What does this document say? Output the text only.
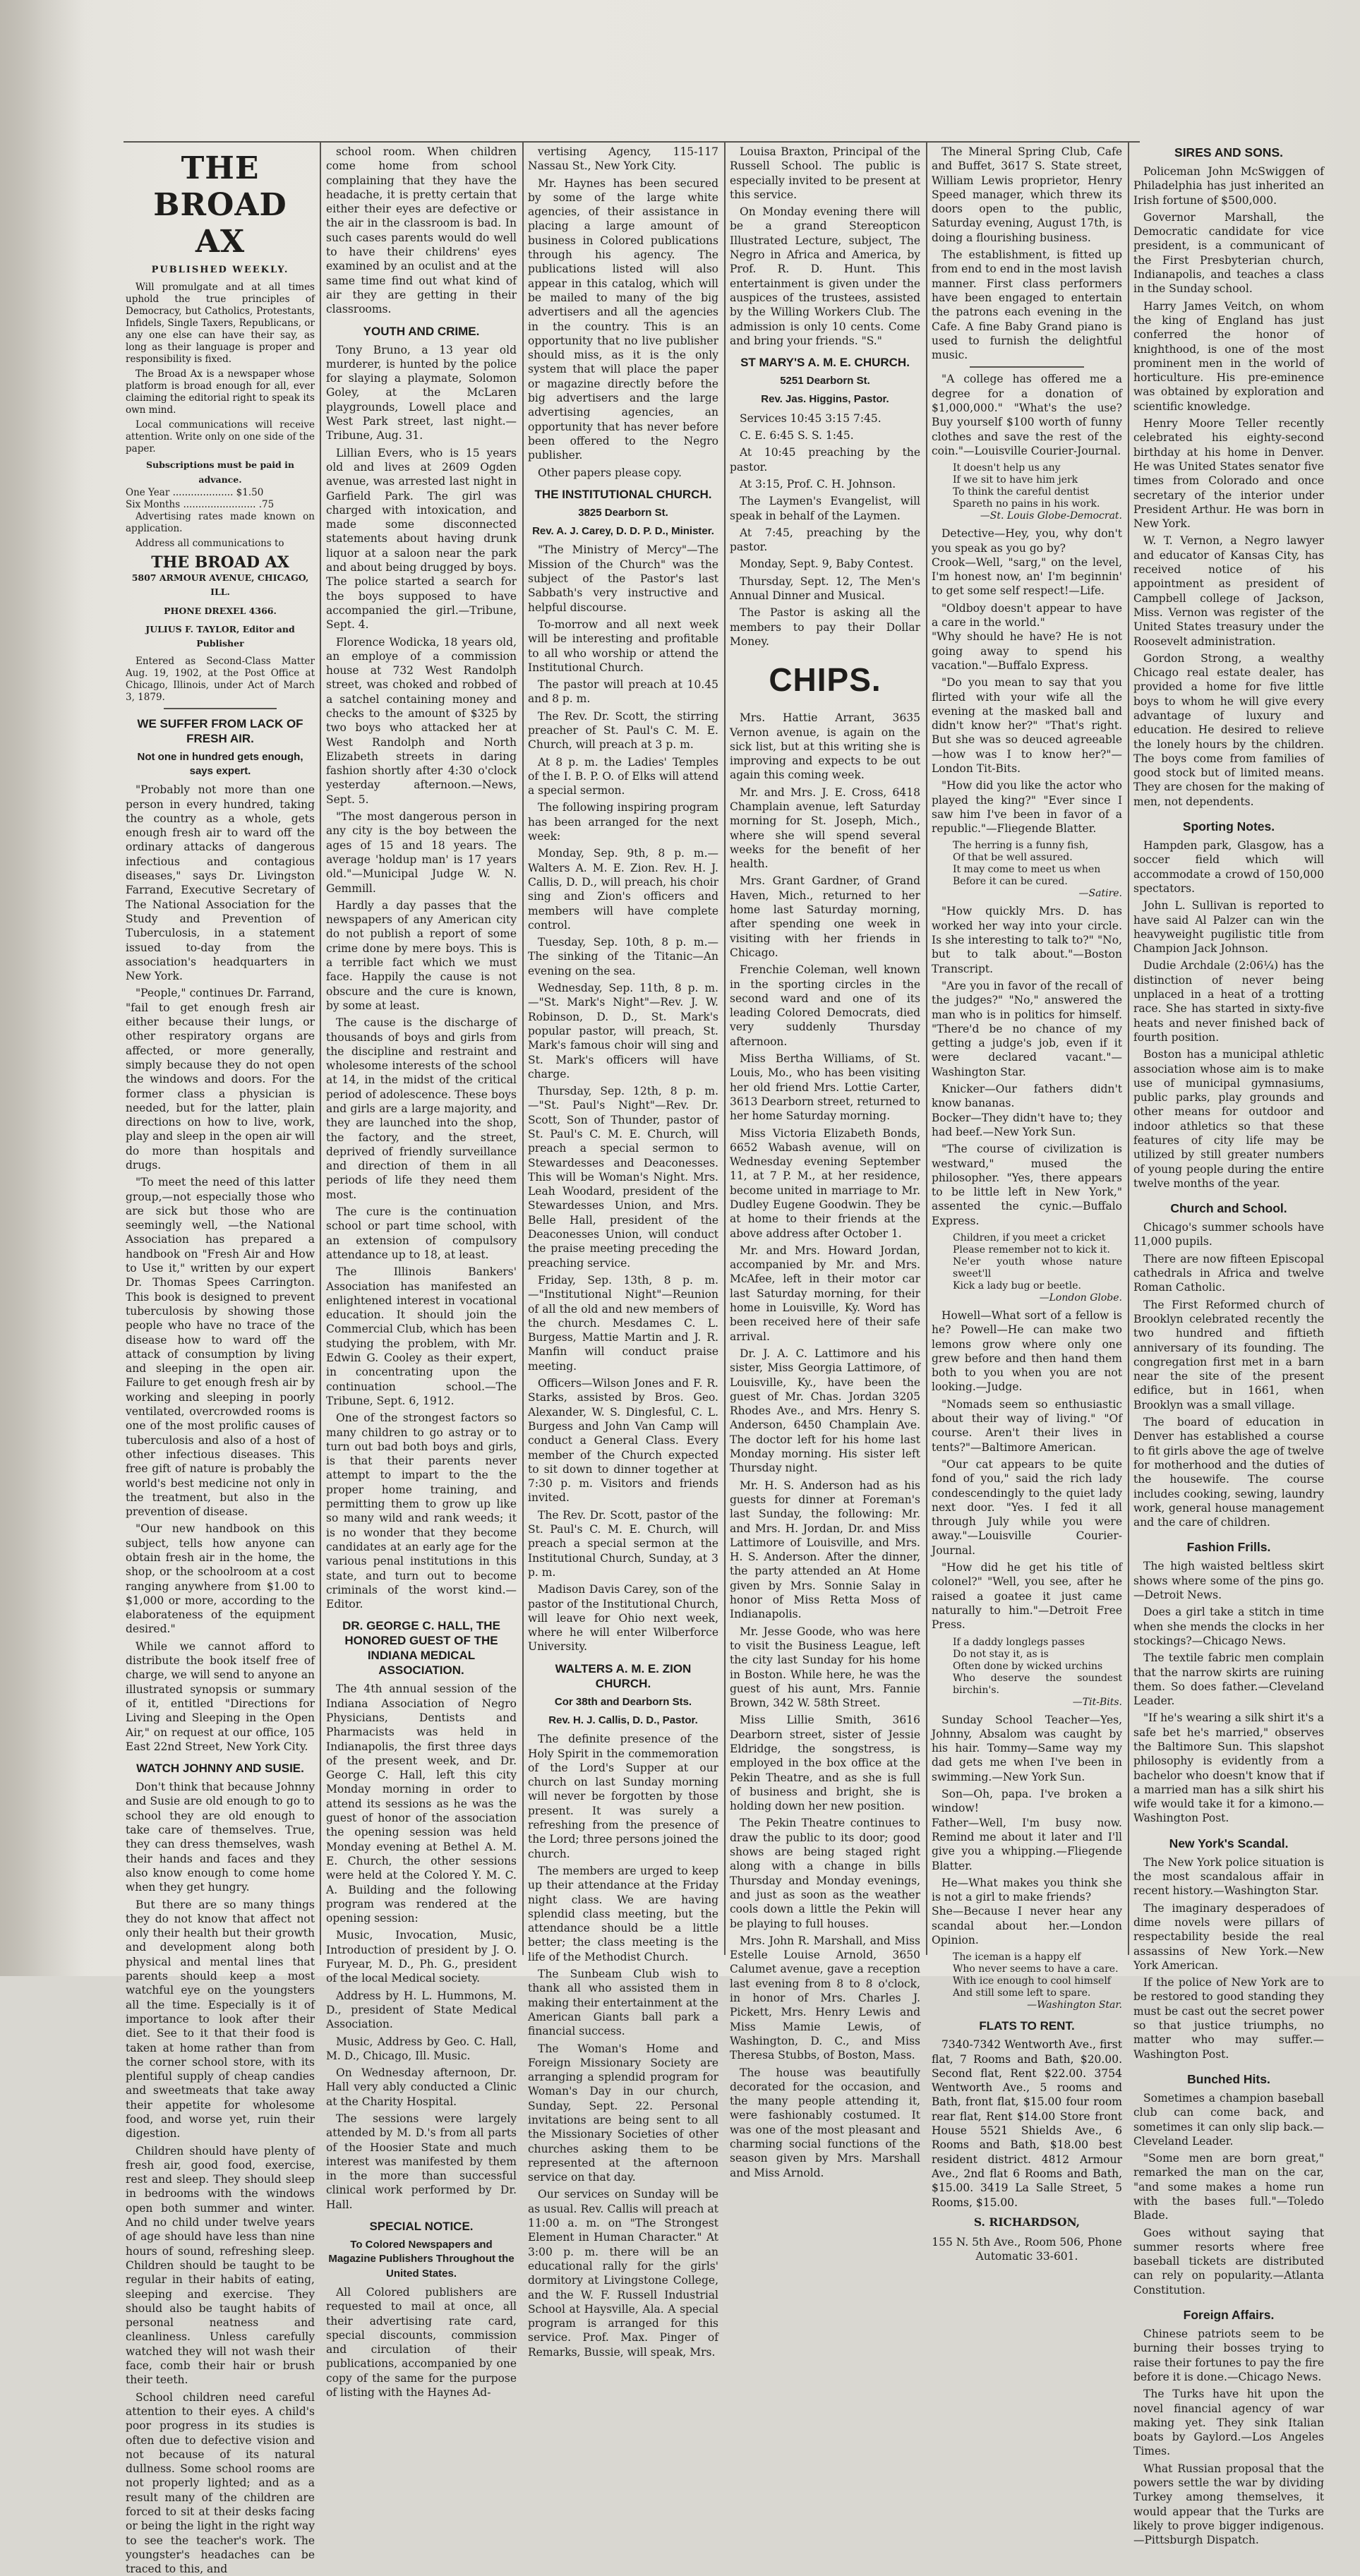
THE BROAD AX
PUBLISHED WEEKLY.

Will promulgate and at all times uphold the true principles of Democracy, but Catholics, Protestants, Infidels, Single Taxers, Republicans, or any one else can have their say, as long as their language is proper and responsibility is fixed.

The Broad Ax is a newspaper whose platform is broad enough for all, ever claiming the editorial right to speak its own mind.

Local communications will receive attention. Write only on one side of the paper.

Subscriptions must be paid in advance.
One Year .................... $1.50
Six Months ........................ .75

Advertising rates made known on application.

Address all communications to

THE BROAD AX
5807 ARMOUR AVENUE, CHICAGO, ILL.
PHONE DREXEL 4366.
JULIUS F. TAYLOR, Editor and Publisher

Entered as Second-Class Matter Aug. 19, 1902, at the Post Office at Chicago, Illinois, under Act of March 3, 1879.

WE SUFFER FROM LACK OF FRESH AIR.
Not one in hundred gets enough, says expert.

"Probably not more than one person in every hundred, taking the country as a whole, gets enough fresh air to ward off the ordinary attacks of dangerous infectious and contagious diseases," says Dr. Livingston Farrand, Executive Secretary of The National Association for the Study and Prevention of Tuberculosis, in a statement issued to-day from the association's headquarters in New York.

"People," continues Dr. Farrand, "fail to get enough fresh air either because their lungs, or other respiratory organs are affected, or more generally, simply because they do not open the windows and doors. For the former class a physician is needed, but for the latter, plain directions on how to live, work, play and sleep in the open air will do more than hospitals and drugs.

"To meet the need of this latter group,—not especially those who are sick but those who are seemingly well, —the National Association has prepared a handbook on "Fresh Air and How to Use it," written by our expert Dr. Thomas Spees Carrington. This book is designed to prevent tuberculosis by showing those people who have no trace of the disease how to ward off the attack of consumption by living and sleeping in the open air. Failure to get enough fresh air by working and sleeping in poorly ventilated, overcrowded rooms is one of the most prolific causes of tuberculosis and also of a host of other infectious diseases. This free gift of nature is probably the world's best medicine not only in the treatment, but also in the prevention of disease.

"Our new handbook on this subject, tells how anyone can obtain fresh air in the home, the shop, or the schoolroom at a cost ranging anywhere from $1.00 to $1,000 or more, according to the elaborateness of the equipment desired."

While we cannot afford to distribute the book itself free of charge, we will send to anyone an illustrated synopsis or summary of it, entitled "Directions for Living and Sleeping in the Open Air," on request at our office, 105 East 22nd Street, New York City.

WATCH JOHNNY AND SUSIE.

Don't think that because Johnny and Susie are old enough to go to school they are old enough to take care of themselves. True, they can dress themselves, wash their hands and faces and they also know enough to come home when they get hungry.

But there are so many things they do not know that affect not only their health but their growth and development along both physical and mental lines that parents should keep a most watchful eye on the youngsters all the time. Especially is it of importance to look after their diet. See to it that their food is taken at home rather than from the corner school store, with its plentiful supply of cheap candies and sweetmeats that take away their appetite for wholesome food, and worse yet, ruin their digestion.

Children should have plenty of fresh air, good food, exercise, rest and sleep. They should sleep in bedrooms with the windows open both summer and winter. And no child under twelve years of age should have less than nine hours of sound, refreshing sleep. Children should be taught to be regular in their habits of eating, sleeping and exercise. They should also be taught habits of personal neatness and cleanliness. Unless carefully watched they will not wash their face, comb their hair or brush their teeth.

School children need careful attention to their eyes. A child's poor progress in its studies is often due to defective vision and not because of its natural dullness. Some school rooms are not properly lighted; and as a result many of the children are forced to sit at their desks facing or being the light in the right way to see the teacher's work. The youngster's headaches can be traced to this, and

school room. When children come home from school complaining that they have the headache, it is pretty certain that either their eyes are defective or the air in the classroom is bad. In such cases parents would do well to have their childrens' eyes examined by an oculist and at the same time find out what kind of air they are getting in their classrooms.

YOUTH AND CRIME.

Tony Bruno, a 13 year old murderer, is hunted by the police for slaying a playmate, Solomon Goley, at the McLaren playgrounds, Lowell place and West Park street, last night.—Tribune, Aug. 31.

Lillian Evers, who is 15 years old and lives at 2609 Ogden avenue, was arrested last night in Garfield Park. The girl was charged with intoxication, and made some disconnected statements about having drunk liquor at a saloon near the park and about being drugged by boys. The police started a search for the boys supposed to have accompanied the girl.—Tribune, Sept. 4.

Florence Wodicka, 18 years old, an employe of a commission house at 732 West Randolph street, was choked and robbed of a satchel containing money and checks to the amount of $325 by two boys who attacked her at West Randolph and North Elizabeth streets in daring fashion shortly after 4:30 o'clock yesterday afternoon.—News, Sept. 5.

"The most dangerous person in any city is the boy between the ages of 15 and 18 years. The average 'holdup man' is 17 years old."—Municipal Judge W. N. Gemmill.

Hardly a day passes that the newspapers of any American city do not publish a report of some crime done by mere boys. This is a terrible fact which we must face. Happily the cause is not obscure and the cure is known, by some at least.

The cause is the discharge of thousands of boys and girls from the discipline and restraint and wholesome interests of the school at 14, in the midst of the critical period of adolescence. These boys and girls are a large majority, and they are launched into the shop, the factory, and the street, deprived of friendly surveillance and direction of them in all periods of life they need them most.

The cure is the continuation school or part time school, with an extension of compulsory attendance up to 18, at least.

The Illinois Bankers' Association has manifested an enlightened interest in vocational education. It should join the Commercial Club, which has been studying the problem, with Mr. Edwin G. Cooley as their expert, in concentrating upon the continuation school.—The Tribune, Sept. 6, 1912.

One of the strongest factors so many children to go astray or to turn out bad both boys and girls, is that their parents never attempt to impart to the the proper home training, and permitting them to grow up like so many wild and rank weeds; it is no wonder that they become candidates at an early age for the various penal institutions in this state, and turn out to become criminals of the worst kind.—Editor.

DR. GEORGE C. HALL, THE HONORED GUEST OF THE INDIANA MEDICAL ASSOCIATION.

The 4th annual session of the Indiana Association of Negro Physicians, Dentists and Pharmacists was held in Indianapolis, the first three days of the present week, and Dr. George C. Hall, left this city Monday morning in order to attend its sessions as he was the guest of honor of the association the opening session was held Monday evening at Bethel A. M. E. Church, the other sessions were held at the Colored Y. M. C. A. Building and the following program was rendered at the opening session:

Music, Invocation, Music, Introduction of president by J. O. Furyear, M. D., Ph. G., president of the local Medical society.

Address by H. L. Hummons, M. D., president of State Medical Association.

Music, Address by Geo. C. Hall, M. D., Chicago, Ill. Music.

On Wednesday afternoon, Dr. Hall very ably conducted a Clinic at the Charity Hospital.

The sessions were largely attended by M. D.'s from all parts of the Hoosier State and much interest was manifested by them in the more than successful clinical work performed by Dr. Hall.

SPECIAL NOTICE.
To Colored Newspapers and Magazine Publishers Throughout the United States.

All Colored publishers are requested to mail at once, all their advertising rate card, special discounts, commission and circulation of their publications, accompanied by one copy of the same for the purpose of listing with the Haynes Ad-

vertising Agency, 115-117 Nassau St., New York City.

Mr. Haynes has been secured by some of the large white agencies, of their assistance in placing a large amount of business in Colored publications through his agency. The publications listed will also appear in this catalog, which will be mailed to many of the big advertisers and all the agencies in the country. This is an opportunity that no live publisher should miss, as it is the only system that will place the paper or magazine directly before the big advertisers and the large advertising agencies, an opportunity that has never before been offered to the Negro publisher.

Other papers please copy.

THE INSTITUTIONAL CHURCH.
3825 Dearborn St.
Rev. A. J. Carey, D. D. P. D., Minister.

"The Ministry of Mercy"—The Mission of the Church" was the subject of the Pastor's last Sabbath's very instructive and helpful discourse.

To-morrow and all next week will be interesting and profitable to all who worship or attend the Institutional Church.

The pastor will preach at 10.45 and 8 p. m.

The Rev. Dr. Scott, the stirring preacher of St. Paul's C. M. E. Church, will preach at 3 p. m.

At 8 p. m. the Ladies' Temples of the I. B. P. O. of Elks will attend a special sermon.

The following inspiring program has been arranged for the next week:

Monday, Sep. 9th, 8 p. m.—Walters A. M. E. Zion. Rev. H. J. Callis, D. D., will preach, his choir sing and Zion's officers and members will have complete control.

Tuesday, Sep. 10th, 8 p. m.—The sinking of the Titanic—An evening on the sea.

Wednesday, Sep. 11th, 8 p. m.—"St. Mark's Night"—Rev. J. W. Robinson, D. D., St. Mark's popular pastor, will preach, St. Mark's famous choir will sing and St. Mark's officers will have charge.

Thursday, Sep. 12th, 8 p. m.—"St. Paul's Night"—Rev. Dr. Scott, Son of Thunder, pastor of St. Paul's C. M. E. Church, will preach a special sermon to Stewardesses and Deaconesses. This will be Woman's Night. Mrs. Leah Woodard, president of the Stewardesses Union, and Mrs. Belle Hall, president of the Deaconesses Union, will conduct the praise meeting preceding the preaching service.

Friday, Sep. 13th, 8 p. m.—"Institutional Night"—Reunion of all the old and new members of the church. Mesdames C. L. Burgess, Mattie Martin and J. R. Manfin will conduct praise meeting.

Officers—Wilson Jones and F. R. Starks, assisted by Bros. Geo. Alexander, W. S. Dinglesful, C. L. Burgess and John Van Camp will conduct a General Class. Every member of the Church expected to sit down to dinner together at 7:30 p. m. Visitors and friends invited.

The Rev. Dr. Scott, pastor of the St. Paul's C. M. E. Church, will preach a special sermon at the Institutional Church, Sunday, at 3 p. m.

Madison Davis Carey, son of the pastor of the Institutional Church, will leave for Ohio next week, where he will enter Wilberforce University.

WALTERS A. M. E. ZION CHURCH.
Cor 38th and Dearborn Sts.
Rev. H. J. Callis, D. D., Pastor.

The definite presence of the Holy Spirit in the commemoration of the Lord's Supper at our church on last Sunday morning will never be forgotten by those present. It was surely a refreshing from the presence of the Lord; three persons joined the church.

The members are urged to keep up their attendance at the Friday night class. We are having splendid class meeting, but the attendance should be a little better; the class meeting is the life of the Methodist Church.

The Sunbeam Club wish to thank all who assisted them in making their entertainment at the American Giants ball park a financial success.

The Woman's Home and Foreign Missionary Society are arranging a splendid program for Woman's Day in our church, Sunday, Sept. 22. Personal invitations are being sent to all the Missionary Societies of other churches asking them to be represented at the afternoon service on that day.

Our services on Sunday will be as usual. Rev. Callis will preach at 11:00 a. m. on "The Strongest Element in Human Character." At 3:00 p. m. there will be an educational rally for the girls' dormitory at Livingstone College, and the W. F. Russell Industrial School at Haysville, Ala. A special program is arranged for this service. Prof. Max. Pinger of Remarks, Bussie, will speak, Mrs.

Louisa Braxton, Principal of the Russell School. The public is especially invited to be present at this service.

On Monday evening there will be a grand Stereopticon Illustrated Lecture, subject, The Negro in Africa and America, by Prof. R. D. Hunt. This entertainment is given under the auspices of the trustees, assisted by the Willing Workers Club. The admission is only 10 cents. Come and bring your friends. "S."

ST MARY'S A. M. E. CHURCH.
5251 Dearborn St.
Rev. Jas. Higgins, Pastor.

Services 10:45 3:15 7:45.

C. E. 6:45 S. S. 1:45.

At 10:45 preaching by the pastor.

At 3:15, Prof. C. H. Johnson.

The Laymen's Evangelist, will speak in behalf of the Laymen.

At 7:45, preaching by the pastor.

Monday, Sept. 9, Baby Contest.

Thursday, Sept. 12, The Men's Annual Dinner and Musical.

The Pastor is asking all the members to pay their Dollar Money.

CHIPS.

Mrs. Hattie Arrant, 3635 Vernon avenue, is again on the sick list, but at this writing she is improving and expects to be out again this coming week.

Mr. and Mrs. J. E. Cross, 6418 Champlain avenue, left Saturday morning for St. Joseph, Mich., where she will spend several weeks for the benefit of her health.

Mrs. Grant Gardner, of Grand Haven, Mich., returned to her home last Saturday morning, after spending one week in visiting with her friends in Chicago.

Frenchie Coleman, well known in the sporting circles in the second ward and one of its leading Colored Democrats, died very suddenly Thursday afternoon.

Miss Bertha Williams, of St. Louis, Mo., who has been visiting her old friend Mrs. Lottie Carter, 3613 Dearborn street, returned to her home Saturday morning.

Miss Victoria Elizabeth Bonds, 6652 Wabash avenue, will on Wednesday evening September 11, at 7 P. M., at her residence, become united in marriage to Mr. Dudley Eugene Goodwin. They be at home to their friends at the above address after October 1.

Mr. and Mrs. Howard Jordan, accompanied by Mr. and Mrs. McAfee, left in their motor car last Saturday morning, for their home in Louisville, Ky. Word has been received here of their safe arrival.

Dr. J. A. C. Lattimore and his sister, Miss Georgia Lattimore, of Louisville, Ky., have been the guest of Mr. Chas. Jordan 3205 Rhodes Ave., and Mrs. Henry S. Anderson, 6450 Champlain Ave. The doctor left for his home last Monday morning. His sister left Thursday night.

Mr. H. S. Anderson had as his guests for dinner at Foreman's last Sunday, the following: Mr. and Mrs. H. Jordan, Dr. and Miss Lattimore of Louisville, and Mrs. H. S. Anderson. After the dinner, the party attended an At Home given by Mrs. Sonnie Salay in honor of Miss Retta Moss of Indianapolis.

Mr. Jesse Goode, who was here to visit the Business League, left the city last Sunday for his home in Boston. While here, he was the guest of his aunt, Mrs. Fannie Brown, 342 W. 58th Street.

Miss Lillie Smith, 3616 Dearborn street, sister of Jessie Eldridge, the songstress, is employed in the box office at the Pekin Theatre, and as she is full of business and bright, she is holding down her new position.

The Pekin Theatre continues to draw the public to its door; good shows are being staged right along with a change in bills Thursday and Monday evenings, and just as soon as the weather cools down a little the Pekin will be playing to full houses.

Mrs. John R. Marshall, and Miss Estelle Louise Arnold, 3650 Calumet avenue, gave a reception last evening from 8 to 8 o'clock, in honor of Mrs. Charles J. Pickett, Mrs. Henry Lewis and Miss Mamie Lewis, of Washington, D. C., and Miss Theresa Stubbs, of Boston, Mass.

The house was beautifully decorated for the occasion, and the many people attending it, were fashionably costumed. It was one of the most pleasant and charming social functions of the season given by Mrs. Marshall and Miss Arnold.

The Mineral Spring Club, Cafe and Buffet, 3617 S. State street, William Lewis proprietor, Henry Speed manager, which threw its doors open to the public, Saturday evening, August 17th, is doing a flourishing business.

The establishment, is fitted up from end to end in the most lavish manner. First class performers have been engaged to entertain the patrons each evening in the Cafe. A fine Baby Grand piano is used to furnish the delightful music.

"A college has offered me a degree for a donation of $1,000,000." "What's the use? Buy yourself $100 worth of funny clothes and save the rest of the coin."—Louisville Courier-Journal.

It doesn't help us any
If we sit to have him jerk
To think the careful dentist
Spareth no pains in his work.
—St. Louis Globe-Democrat.

Detective—Hey, you, why don't you speak as you go by?
Crook—Well, "sarg," on the level, I'm honest now, an' I'm beginnin' to get some self respect!—Life.

"Oldboy doesn't appear to have a care in the world."
"Why should he have? He is not going away to spend his vacation."—Buffalo Express.

"Do you mean to say that you flirted with your wife all the evening at the masked ball and didn't know her?" "That's right. But she was so deuced agreeable—how was I to know her?"—London Tit-Bits.

"How did you like the actor who played the king?" "Ever since I saw him I've been in favor of a republic."—Fliegende Blatter.

The herring is a funny fish,
Of that be well assured.
It may come to meet us when
Before it can be cured.
—Satire.

"How quickly Mrs. D. has worked her way into your circle. Is she interesting to talk to?" "No, but to talk about."—Boston Transcript.

"Are you in favor of the recall of the judges?" "No," answered the man who is in politics for himself. "There'd be no chance of my getting a judge's job, even if it were declared vacant."—Washington Star.

Knicker—Our fathers didn't know bananas.
Bocker—They didn't have to; they had beef.—New York Sun.

"The course of civilization is westward," mused the philosopher. "Yes, there appears to be little left in New York," assented the cynic.—Buffalo Express.

Children, if you meet a cricket
Please remember not to kick it.
Ne'er youth whose nature sweet'll
Kick a lady bug or beetle.
—London Globe.

Howell—What sort of a fellow is he? Powell—He can make two lemons grow where only one grew before and then hand them both to you when you are not looking.—Judge.

"Nomads seem so enthusiastic about their way of living." "Of course. Aren't their lives in tents?"—Baltimore American.

"Our cat appears to be quite fond of you," said the rich lady condescendingly to the quiet lady next door. "Yes. I fed it all through July while you were away."—Louisville Courier-Journal.

"How did he get his title of colonel?" "Well, you see, after he raised a goatee it just came naturally to him."—Detroit Free Press.

If a daddy longlegs passes
Do not stay it, as is
Often done by wicked urchins
Who deserve the soundest birchin's.
—Tit-Bits.

Sunday School Teacher—Yes, Johnny, Absalom was caught by his hair. Tommy—Same way my dad gets me when I've been in swimming.—New York Sun.

Son—Oh, papa. I've broken a window!
Father—Well, I'm busy now. Remind me about it later and I'll give you a whipping.—Fliegende Blatter.

He—What makes you think she is not a girl to make friends?
She—Because I never hear any scandal about her.—London Opinion.

The iceman is a happy elf
Who never seems to have a care.
With ice enough to cool himself
And still some left to spare.
—Washington Star.
FLATS TO RENT.

7340-7342 Wentworth Ave., first flat, 7 Rooms and Bath, $20.00. Second flat, Rent $22.00. 3754 Wentworth Ave., 5 rooms and Bath, front flat, $15.00 four room rear flat, Rent $14.00 Store front House 5521 Shields Ave., 6 Rooms and Bath, $18.00 best resident district. 4812 Armour Ave., 2nd flat 6 Rooms and Bath, $15.00. 3419 La Salle Street, 5 Rooms, $15.00.

S. RICHARDSON,
155 N. 5th Ave., Room 506, Phone Automatic 33-601.
SIRES AND SONS.

Policeman John McSwiggen of Philadelphia has just inherited an Irish fortune of $500,000.

Governor Marshall, the Democratic candidate for vice president, is a communicant of the First Presbyterian church, Indianapolis, and teaches a class in the Sunday school.

Harry James Veitch, on whom the king of England has just conferred the honor of knighthood, is one of the most prominent men in the world of horticulture. His pre-eminence was obtained by exploration and scientific knowledge.

Henry Moore Teller recently celebrated his eighty-second birthday at his home in Denver. He was United States senator five times from Colorado and once secretary of the interior under President Arthur. He was born in New York.

W. T. Vernon, a Negro lawyer and educator of Kansas City, has received notice of his appointment as president of Campbell college of Jackson, Miss. Vernon was register of the United States treasury under the Roosevelt administration.

Gordon Strong, a wealthy Chicago real estate dealer, has provided a home for five little boys to whom he will give every advantage of luxury and education. He desired to relieve the lonely hours by the children. The boys come from families of good stock but of limited means. They are chosen for the making of men, not dependents.

Sporting Notes.

Hampden park, Glasgow, has a soccer field which will accommodate a crowd of 150,000 spectators.

John L. Sullivan is reported to have said Al Palzer can win the heavyweight pugilistic title from Champion Jack Johnson.

Dudie Archdale (2:06¼) has the distinction of never being unplaced in a heat of a trotting race. She has started in sixty-five heats and never finished back of fourth position.

Boston has a municipal athletic association whose aim is to make use of municipal gymnasiums, public parks, play grounds and other means for outdoor and indoor athletics so that these features of city life may be utilized by still greater numbers of young people during the entire twelve months of the year.

Church and School.

Chicago's summer schools have 11,000 pupils.

There are now fifteen Episcopal cathedrals in Africa and twelve Roman Catholic.

The First Reformed church of Brooklyn celebrated recently the two hundred and fiftieth anniversary of its founding. The congregation first met in a barn near the site of the present edifice, but in 1661, when Brooklyn was a small village.

The board of education in Denver has established a course to fit girls above the age of twelve for motherhood and the duties of the housewife. The course includes cooking, sewing, laundry work, general house management and the care of children.

Fashion Frills.

The high waisted beltless skirt shows where some of the pins go.—Detroit News.

Does a girl take a stitch in time when she mends the clocks in her stockings?—Chicago News.

The textile fabric men complain that the narrow skirts are ruining them. So does father.—Cleveland Leader.

"If he's wearing a silk shirt it's a safe bet he's married," observes the Baltimore Sun. This slapshot philosophy is evidently from a bachelor who doesn't know that if a married man has a silk shirt his wife would take it for a kimono.—Washington Post.

New York's Scandal.

The New York police situation is the most scandalous affair in recent history.—Washington Star.

The imaginary desperadoes of dime novels were pillars of respectability beside the real assassins of New York.—New York American.

If the police of New York are to be restored to good standing they must be cast out the secret power so that justice triumphs, no matter who may suffer.—Washington Post.

Bunched Hits.

Sometimes a champion baseball club can come back, and sometimes it can only slip back.—Cleveland Leader.

"Some men are born great," remarked the man on the car, "and some makes a home run with the bases full."—Toledo Blade.

Goes without saying that summer resorts where free baseball tickets are distributed can rely on popularity.—Atlanta Constitution.

Foreign Affairs.

Chinese patriots seem to be burning their bosses trying to raise their fortunes to pay the fire before it is done.—Chicago News.

The Turks have hit upon the novel financial agency of war making yet. They sink Italian boats by Gaylord.—Los Angeles Times.

What Russian proposal that the powers settle the war by dividing Turkey among themselves, it would appear that the Turks are likely to prove bigger indigenous.—Pittsburgh Dispatch.
